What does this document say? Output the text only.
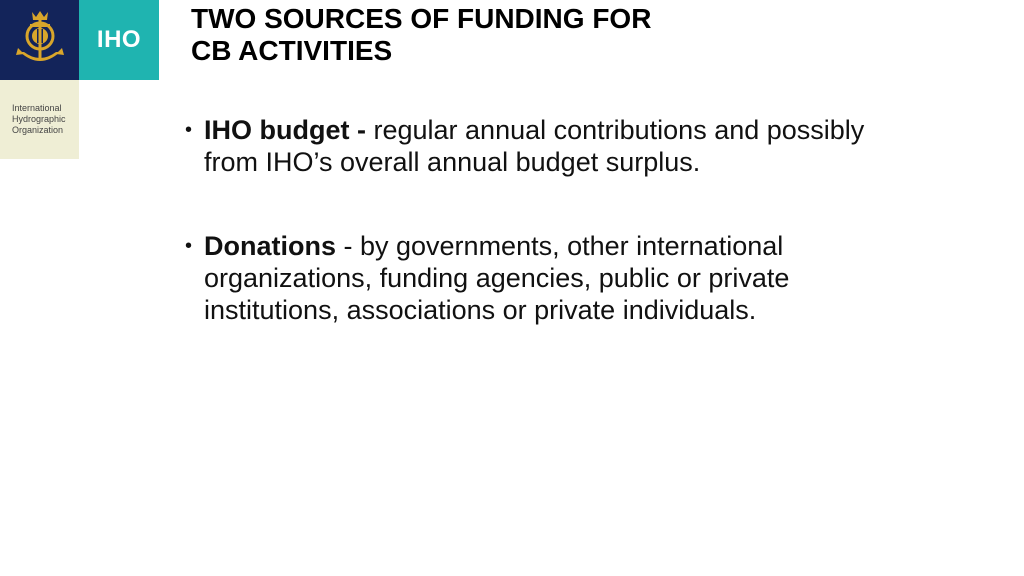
IHO
International
Hydrographic
Organization
TWO SOURCES OF FUNDING FOR
CB ACTIVITIES
• IHO budget - regular annual contributions and possibly from IHO’s overall annual budget surplus.
• Donations - by governments, other international organizations, funding agencies, public or private institutions, associations or private individuals.
